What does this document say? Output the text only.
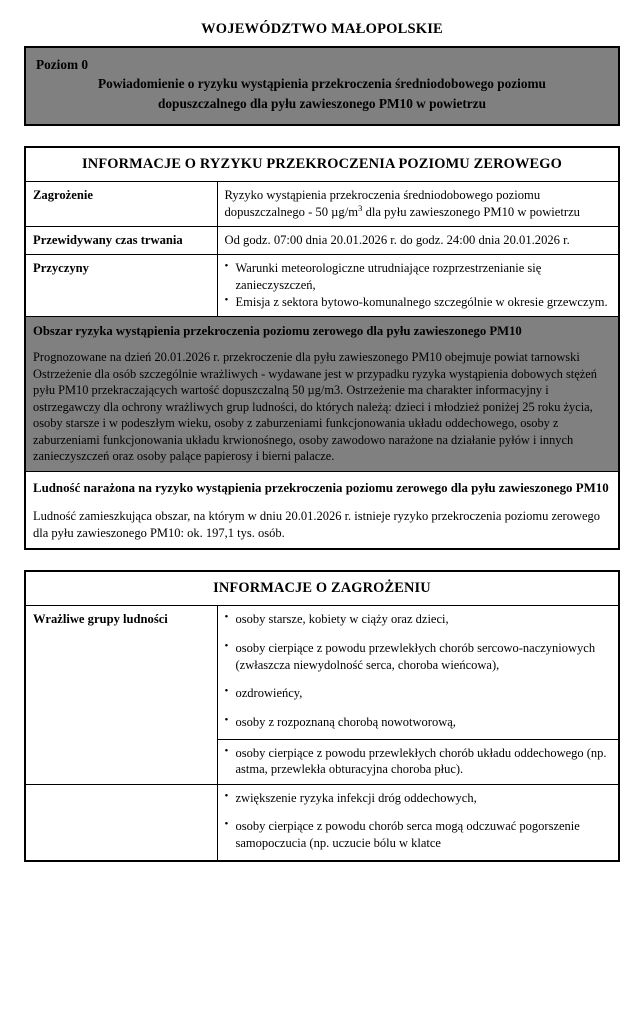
WOJEWÓDZTWO MAŁOPOLSKIE
Poziom 0
Powiadomienie o ryzyku wystąpienia przekroczenia średniodobowego poziomu
dopuszczalnego dla pyłu zawieszonego PM10 w powietrzu
INFORMACJE O RYZYKU PRZEKROCZENIA POZIOMU ZEROWEGO	
Zagrożenie	Ryzyko wystąpienia przekroczenia średniodobowego poziomu dopuszczalnego - 50 $\mu g/m^3$ dla pyłu zawieszonego PM10 w powietrzu
Przewidywany czas trwania	Od godz. 07:00 dnia 20.01.2026 r. do godz. 24:00 dnia 20.01.2026 r.
Przyczyny	
•Warunki meteorologiczne utrudniające rozprzestrzenianie się zanieczyszczeń,
• Emisja z sektora bytowo-komunalnego szczególnie w okresie grzewczym.

Obszar ryzyka wystąpienia przekroczenia poziomu zerowego dla pyłu zawieszonego PM10

Prognozowane na dzień 20.01.2026 r. przekroczenie dla pyłu zawieszonego PM10 obejmuje powiat tarnowski Ostrzeżenie dla osób szczególnie wrażliwych - wydawane jest w przypadku ryzyka wystąpienia dobowych stężeń pyłu PM10 przekraczających wartość dopuszczalną 50 µg/m3. Ostrzeżenie ma charakter informacyjny i ostrzegawczy dla ochrony wrażliwych grup ludności, do których należą: dzieci i młodzież poniżej 25 roku życia, osoby starsze i w podeszłym wieku, osoby z zaburzeniami funkcjonowania układu oddechowego, osoby z zaburzeniami funkcjonowania układu krwionośnego, osoby zawodowo narażone na działanie pyłów i innych zanieczyszczeń oraz osoby palące papierosy i bierni palacze.	

Ludność narażona na ryzyko wystąpienia przekroczenia poziomu zerowego dla pyłu zawieszonego PM10

Ludność zamieszkująca obszar, na którym w dniu 20.01.2026 r. istnieje ryzyko przekroczenia poziomu zerowego dla pyłu zawieszonego PM10: ok. 197,1 tys. osób.	

INFORMACJE O ZAGROŻENIU	
Wrażliwe grupy ludności	
•osoby starsze, kobiety w ciąży oraz dzieci,
• osoby cierpiące z powodu przewlekłych chorób sercowo-naczyniowych (zwłaszcza niewydolność serca, choroba wieńcowa),
• ozdrowieńcy,
• osoby z rozpoznaną chorobą nowotworową,

• osoby cierpiące z powodu przewlekłych chorób układu oddechowego (np. astma, przewlekła obturacyjna choroba płuc).

• zwiększenie ryzyka infekcji dróg oddechowych,
• osoby cierpiące z powodu chorób serca mogą odczuwać pogorszenie samopoczucia (np. uczucie bólu w klatce
